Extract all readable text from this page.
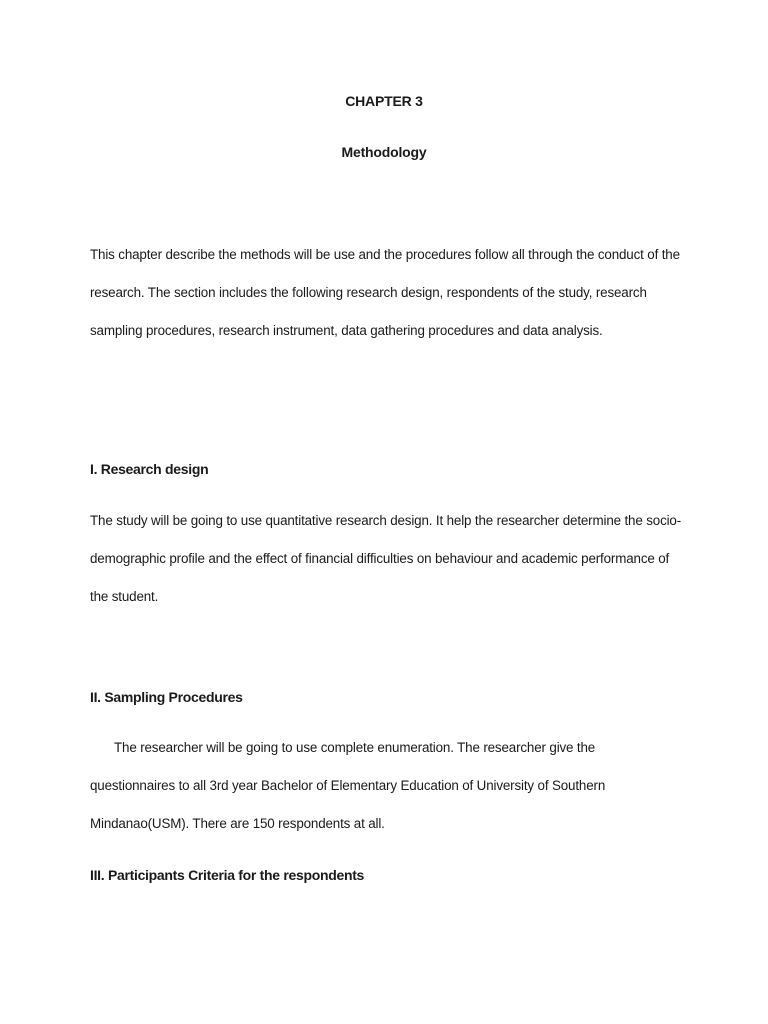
CHAPTER 3
Methodology

This chapter describe the methods will be use and the procedures follow all through the conduct of the research. The section includes the following research design, respondents of the study, research sampling procedures, research instrument, data gathering procedures and data analysis.

I. Research design

The study will be going to use quantitative research design. It help the researcher determine the socio-demographic profile and the effect of financial difficulties on behaviour and academic performance of the student.

II. Sampling Procedures

The researcher will be going to use complete enumeration. The researcher give the questionnaires to all 3rd year Bachelor of Elementary Education of University of Southern Mindanao(USM). There are 150 respondents at all.

III. Participants Criteria for the respondents
